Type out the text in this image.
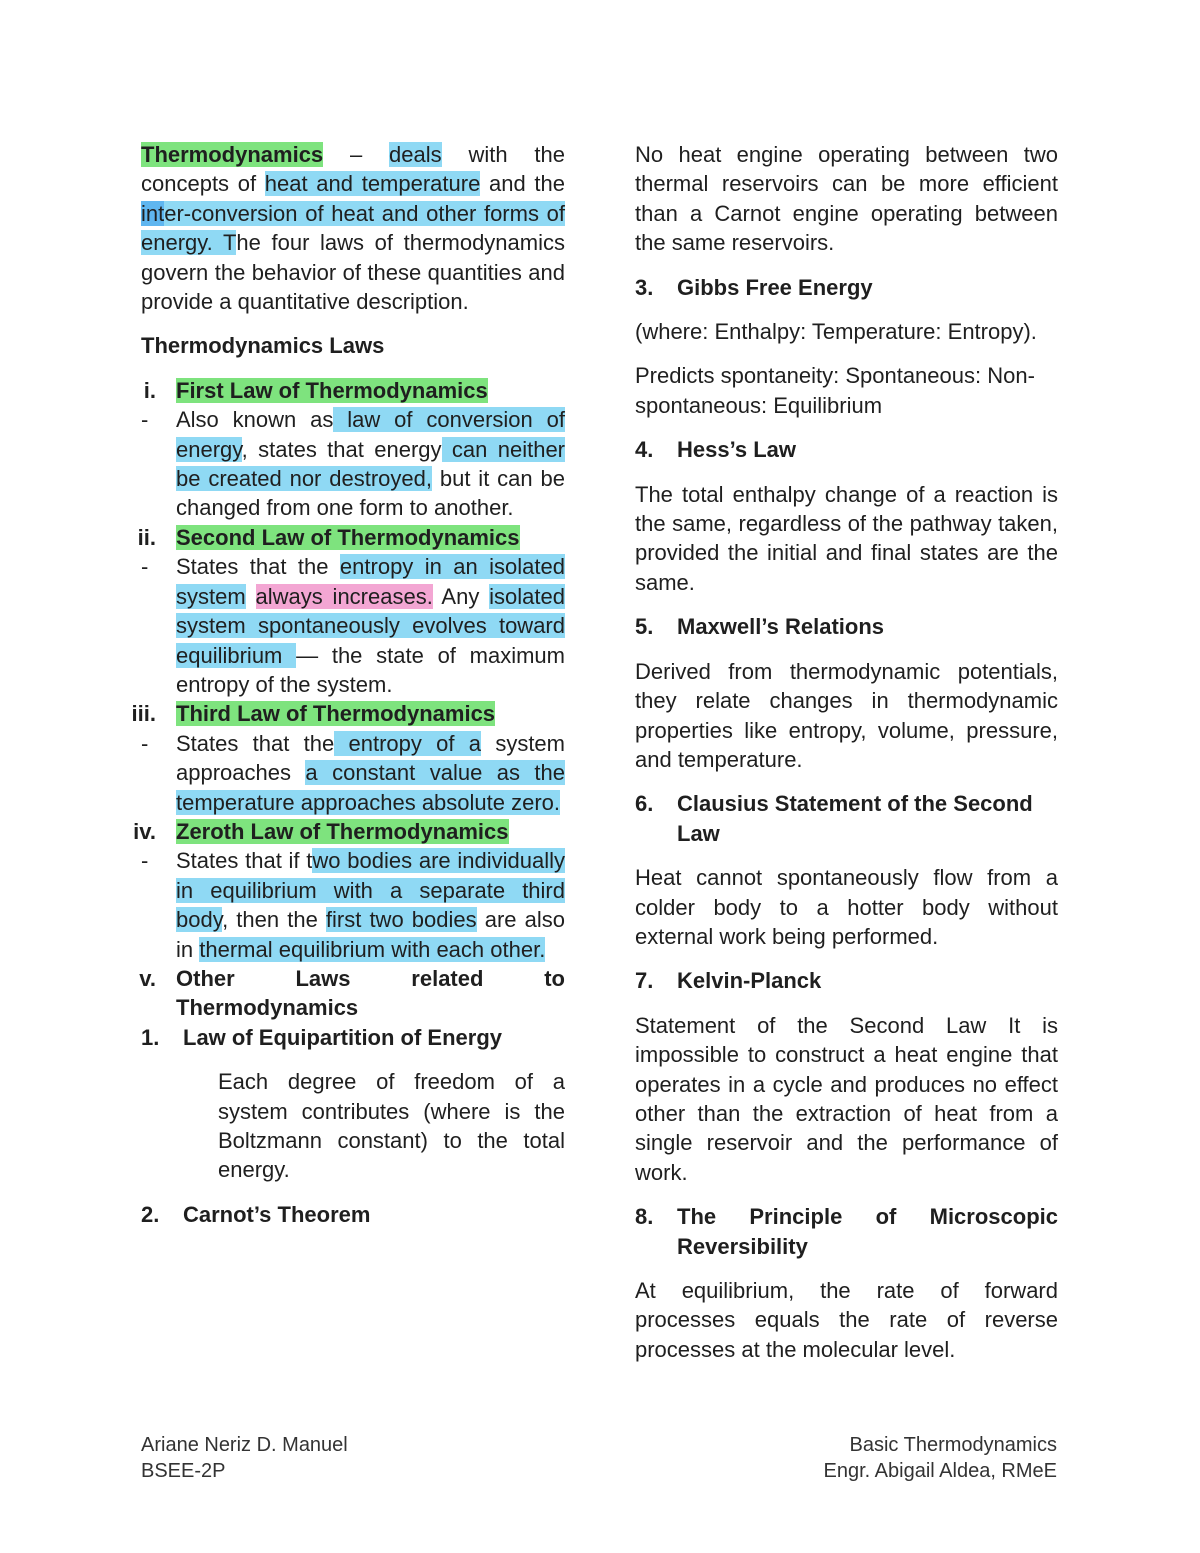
Thermodynamics – deals with the concepts of heat and temperature and the inter-conversion of heat and other forms of energy. The four laws of thermodynamics govern the behavior of these quantities and provide a quantitative description.

Thermodynamics Laws

i. First Law of Thermodynamics
- Also known as law of conversion of energy, states that energy can neither be created nor destroyed, but it can be changed from one form to another.

ii. Second Law of Thermodynamics
- States that the entropy in an isolated system always increases. Any isolated system spontaneously evolves toward equilibrium — the state of maximum entropy of the system.

iii. Third Law of Thermodynamics
- States that the entropy of a system approaches a constant value as the temperature approaches absolute zero.

iv. Zeroth Law of Thermodynamics
- States that if two bodies are individually in equilibrium with a separate third body, then the first two bodies are also in thermal equilibrium with each other.

v. Other Laws related to Thermodynamics

1. Law of Equipartition of Energy

Each degree of freedom of a system contributes (where is the Boltzmann constant) to the total energy.

2. Carnot’s Theorem

No heat engine operating between two thermal reservoirs can be more efficient than a Carnot engine operating between the same reservoirs.

3. Gibbs Free Energy

(where: Enthalpy: Temperature: Entropy).

Predicts spontaneity: Spontaneous: Non-spontaneous: Equilibrium

4. Hess’s Law

The total enthalpy change of a reaction is the same, regardless of the pathway taken, provided the initial and final states are the same.

5. Maxwell’s Relations

Derived from thermodynamic potentials, they relate changes in thermodynamic properties like entropy, volume, pressure, and temperature.

6. Clausius Statement of the Second Law

Heat cannot spontaneously flow from a colder body to a hotter body without external work being performed.

7. Kelvin-Planck

Statement of the Second Law It is impossible to construct a heat engine that operates in a cycle and produces no effect other than the extraction of heat from a single reservoir and the performance of work.

8. The Principle of Microscopic Reversibility

At equilibrium, the rate of forward processes equals the rate of reverse processes at the molecular level.

Ariane Neriz D. Manuel
BSEE-2P
Basic Thermodynamics
Engr. Abigail Aldea, RMeE
